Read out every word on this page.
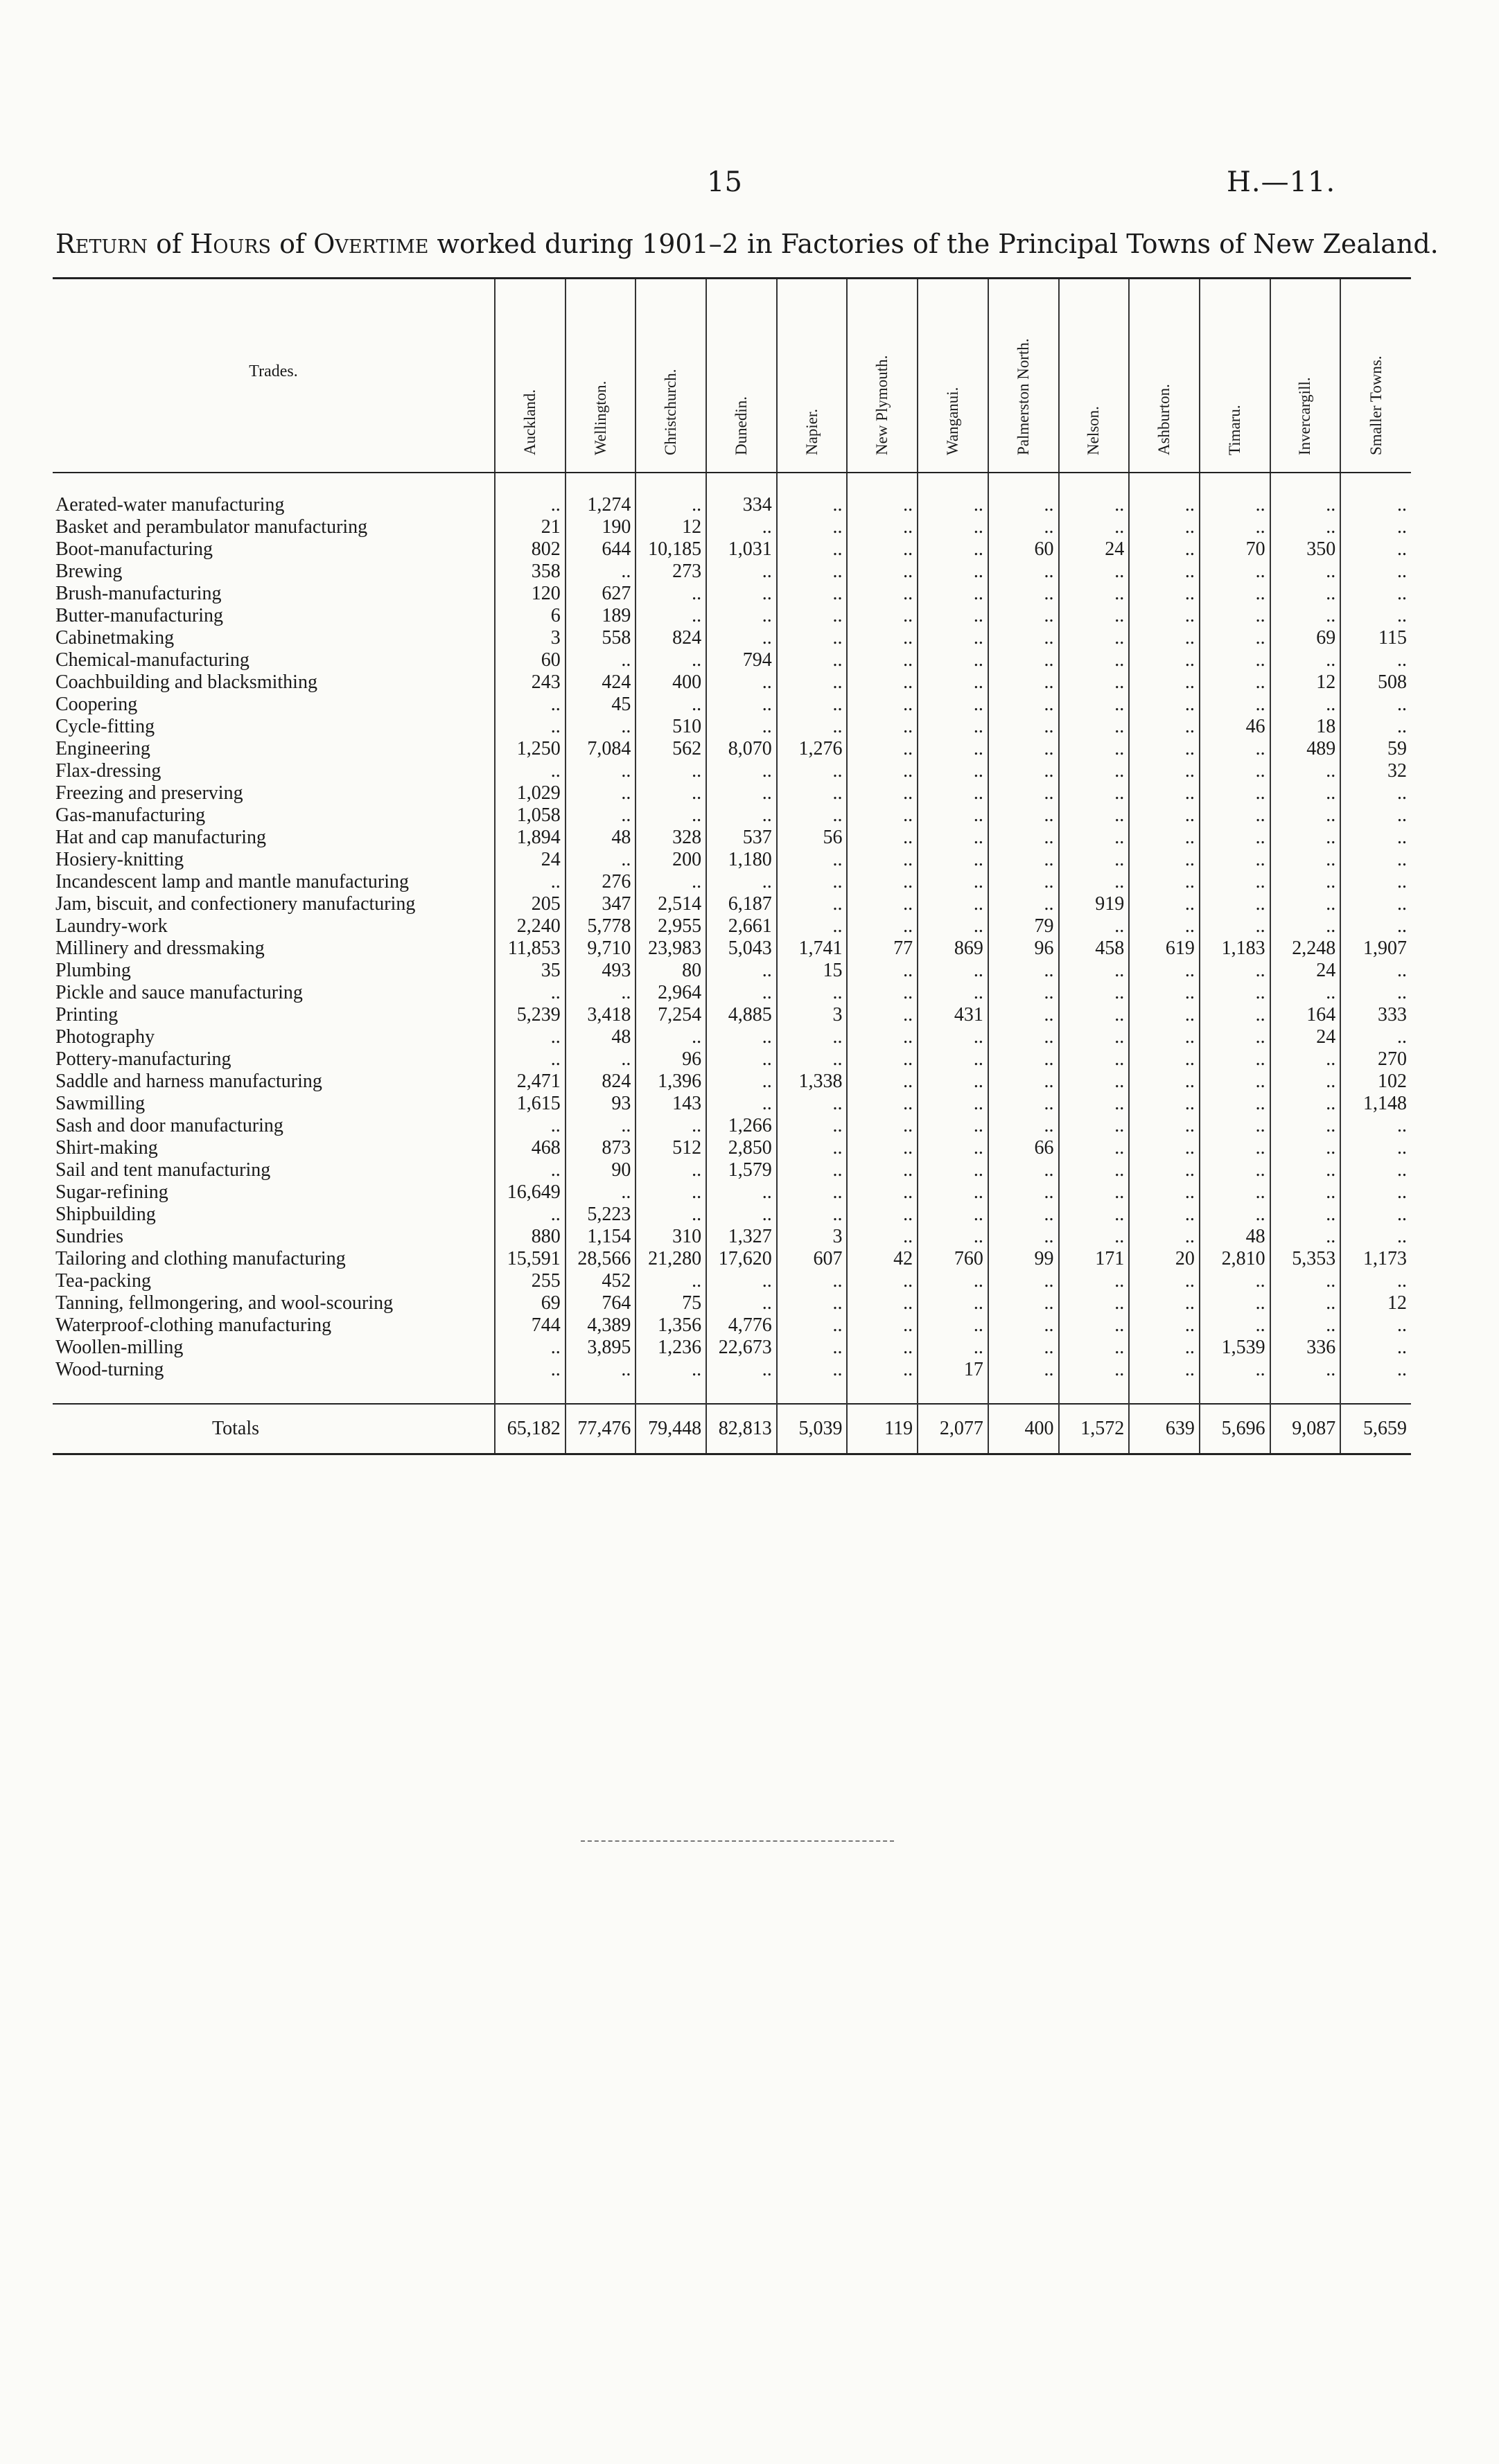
15	H.—11.
Return of Hours of Overtime worked during 1901–2 in Factories of the Principal Towns of New Zealand.
Trades.	Auckland.	Wellington.	Christchurch.	Dunedin.	Napier.	New Plymouth.	Wanganui.	Palmerston North.	Nelson.	Ashburton.	Timaru.	Invercargill.	Smaller Towns.

Aerated-water manufacturing	..	1,274	..	334	..	..	..	..	..	..	..	..	..
Basket and perambulator manufacturing	21	190	12	..	..	..	..	..	..	..	..	..	..
Boot-manufacturing	802	644	10,185	1,031	..	..	..	60	24	..	70	350	..
Brewing	358	..	273	..	..	..	..	..	..	..	..	..	..
Brush-manufacturing	120	627	..	..	..	..	..	..	..	..	..	..	..
Butter-manufacturing	6	189	..	..	..	..	..	..	..	..	..	..	..
Cabinetmaking	3	558	824	..	..	..	..	..	..	..	..	69	115
Chemical-manufacturing	60	..	..	794	..	..	..	..	..	..	..	..	..
Coachbuilding and blacksmithing	243	424	400	..	..	..	..	..	..	..	..	12	508
Coopering	..	45	..	..	..	..	..	..	..	..	..	..	..
Cycle-fitting	..	..	510	..	..	..	..	..	..	..	46	18	..
Engineering	1,250	7,084	562	8,070	1,276	..	..	..	..	..	..	489	59
Flax-dressing	..	..	..	..	..	..	..	..	..	..	..	..	32
Freezing and preserving	1,029	..	..	..	..	..	..	..	..	..	..	..	..
Gas-manufacturing	1,058	..	..	..	..	..	..	..	..	..	..	..	..
Hat and cap manufacturing	1,894	48	328	537	56	..	..	..	..	..	..	..	..
Hosiery-knitting	24	..	200	1,180	..	..	..	..	..	..	..	..	..
Incandescent lamp and mantle manufacturing	..	276	..	..	..	..	..	..	..	..	..	..	..
Jam, biscuit, and confectionery manufacturing	205	347	2,514	6,187	..	..	..	..	919	..	..	..	..
Laundry-work	2,240	5,778	2,955	2,661	..	..	..	79	..	..	..	..	..
Millinery and dressmaking	11,853	9,710	23,983	5,043	1,741	77	869	96	458	619	1,183	2,248	1,907
Plumbing	35	493	80	..	15	..	..	..	..	..	..	24	..
Pickle and sauce manufacturing	..	..	2,964	..	..	..	..	..	..	..	..	..	..
Printing	5,239	3,418	7,254	4,885	3	..	431	..	..	..	..	164	333
Photography	..	48	..	..	..	..	..	..	..	..	..	24	..
Pottery-manufacturing	..	..	96	..	..	..	..	..	..	..	..	..	270
Saddle and harness manufacturing	2,471	824	1,396	..	1,338	..	..	..	..	..	..	..	102
Sawmilling	1,615	93	143	..	..	..	..	..	..	..	..	..	1,148
Sash and door manufacturing	..	..	..	1,266	..	..	..	..	..	..	..	..	..
Shirt-making	468	873	512	2,850	..	..	..	66	..	..	..	..	..
Sail and tent manufacturing	..	90	..	1,579	..	..	..	..	..	..	..	..	..
Sugar-refining	16,649	..	..	..	..	..	..	..	..	..	..	..	..
Shipbuilding	..	5,223	..	..	..	..	..	..	..	..	..	..	..
Sundries	880	1,154	310	1,327	3	..	..	..	..	..	48	..	..
Tailoring and clothing manufacturing	15,591	28,566	21,280	17,620	607	42	760	99	171	20	2,810	5,353	1,173
Tea-packing	255	452	..	..	..	..	..	..	..	..	..	..	..
Tanning, fellmongering, and wool-scouring	69	764	75	..	..	..	..	..	..	..	..	..	12
Waterproof-clothing manufacturing	744	4,389	1,356	4,776	..	..	..	..	..	..	..	..	..
Woollen-milling	..	3,895	1,236	22,673	..	..	..	..	..	..	1,539	336	..
Wood-turning	..	..	..	..	..	..	17	..	..	..	..	..	..

Totals	65,182	77,476	79,448	82,813	5,039	119	2,077	400	1,572	639	5,696	9,087	5,659
